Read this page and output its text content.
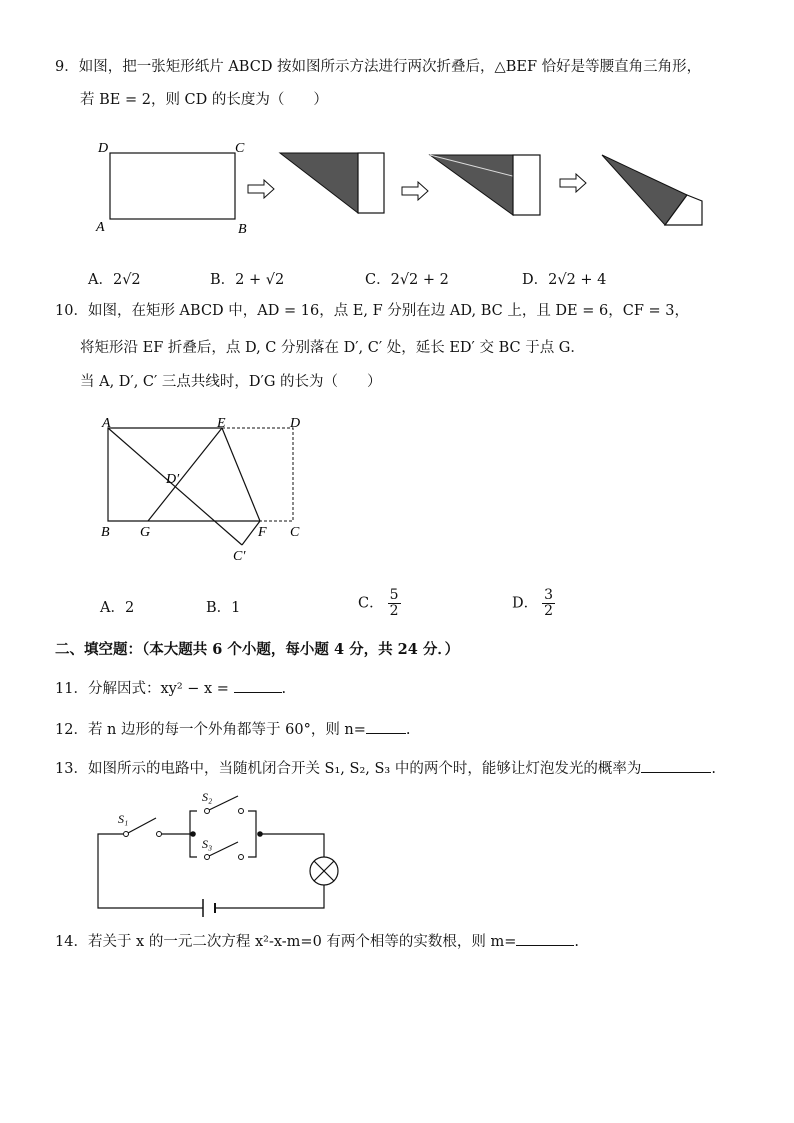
9．如图，把一张矩形纸片 ABCD 按如图所示方法进行两次折叠后，△BEF 恰好是等腰直角三角形，
若 BE = 2，则 CD 的长度为（　　）
D	C
A	B
A．2√2	B．2 + √2	C．2√2 + 2	D．2√2 + 4
10．如图，在矩形 ABCD 中，AD = 16，点 E, F 分别在边 AD, BC 上，且 DE = 6，CF = 3，
将矩形沿 EF 折叠后，点 D, C 分别落在 D′, C′ 处，延长 ED′ 交 BC 于点 G．
当 A, D′, C′ 三点共线时，D′G 的长为（　　）
A	E	D
D′
B G	F C
C′
A．2	B．1	C． $\frac{5}{2}$	D． $\frac{3}{2}$
二、填空题：（本大题共 6 个小题，每小题 4 分，共 24 分．）
11．分解因式：xy² − x =	.
12．若 n 边形的每一个外角都等于 60°，则 n=	.
13．如图所示的电路中，当随机闭合开关 S₁, S₂, S₃ 中的两个时，能够让灯泡发光的概率为	.
S₁
S₂
S₃
14．若关于 x 的一元二次方程 x²-x-m=0 有两个相等的实数根，则 m=	.
